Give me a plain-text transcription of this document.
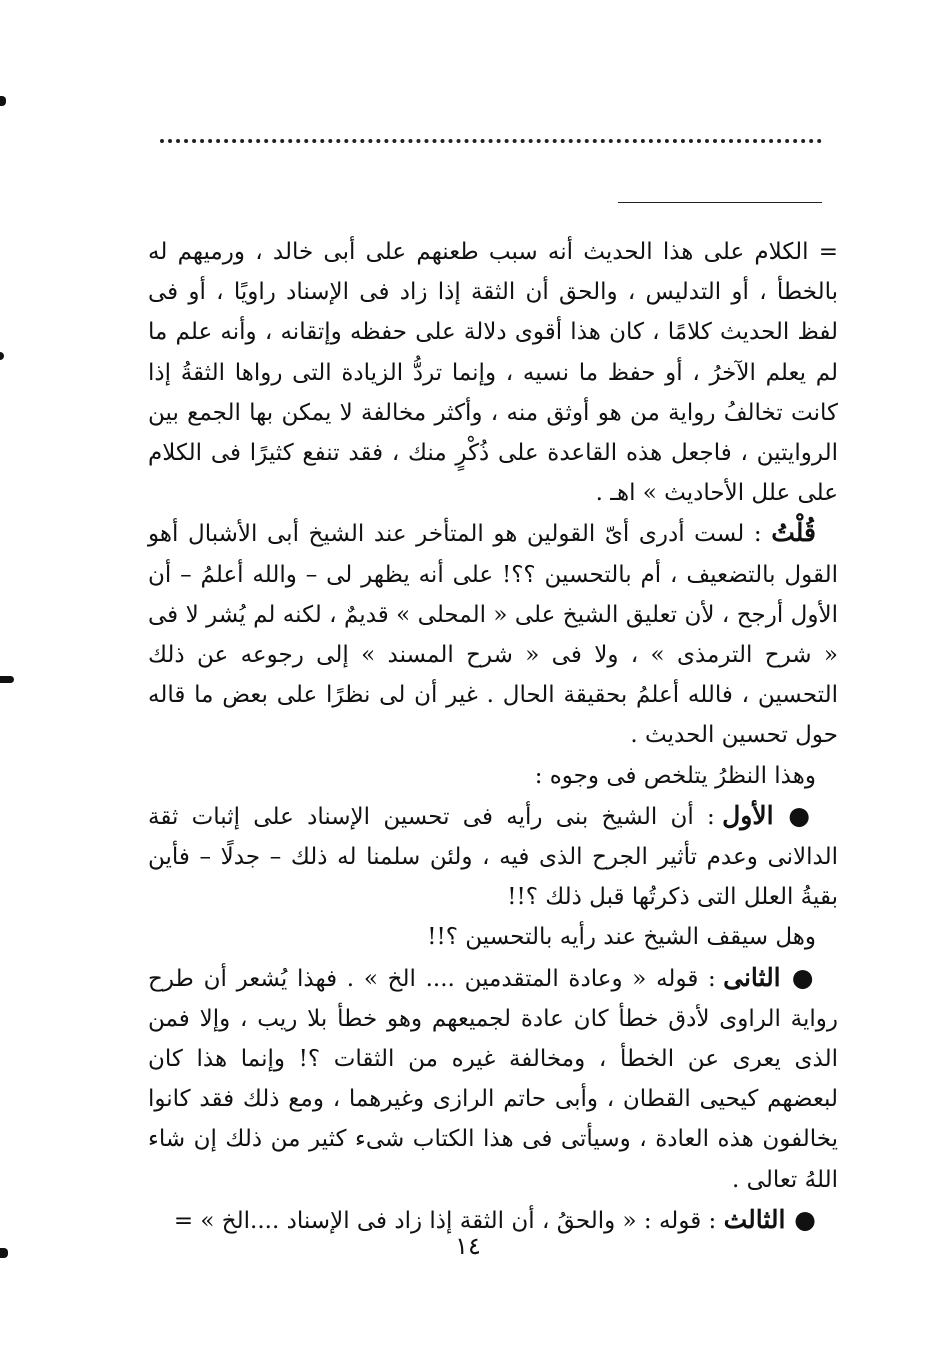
= الكلام على هذا الحديث أنه سبب طعنهم على أبى خالد ، ورميهم له بالخطأ ، أو التدليس ، والحق أن الثقة إذا زاد فى الإسناد راويًا ، أو فى لفظ الحديث كلامًا ، كان هذا أقوى دلالة على حفظه وإتقانه ، وأنه علم ما لم يعلم الآخرُ ، أو حفظ ما نسيه ، وإنما تردُّ الزيادة التى رواها الثقةُ إذا كانت تخالفُ رواية من هو أوثق منه ، وأكثر مخالفة لا يمكن بها الجمع بين الروايتين ، فاجعل هذه القاعدة على ذُكْرٍ منك ، فقد تنفع كثيرًا فى الكلام على علل الأحاديث » اهـ .

قُلْتُ : لست أدرى أىّ القولين هو المتأخر عند الشيخ أبى الأشبال أهو القول بالتضعيف ، أم بالتحسين ؟؟! على أنه يظهر لى – والله أعلمُ – أن الأول أرجح ، لأن تعليق الشيخ على « المحلى » قديمٌ ، لكنه لم يُشر لا فى « شرح الترمذى » ، ولا فى « شرح المسند » إلى رجوعه عن ذلك التحسين ، فالله أعلمُ بحقيقة الحال . غير أن لى نظرًا على بعض ما قاله حول تحسين الحديث .

وهذا النظرُ يتلخص فى وجوه :

● الأول : أن الشيخ بنى رأيه فى تحسين الإسناد على إثبات ثقة الدالانى وعدم تأثير الجرح الذى فيه ، ولئن سلمنا له ذلك – جدلًا – فأين بقيةُ العلل التى ذكرتُها قبل ذلك ؟!!

وهل سيقف الشيخ عند رأيه بالتحسين ؟!!

● الثانى : قوله « وعادة المتقدمين .... الخ » . فهذا يُشعر أن طرح رواية الراوى لأدق خطأ كان عادة لجميعهم وهو خطأ بلا ريب ، وإلا فمن الذى يعرى عن الخطأ ، ومخالفة غيره من الثقات ؟! وإنما هذا كان لبعضهم كيحيى القطان ، وأبى حاتم الرازى وغيرهما ، ومع ذلك فقد كانوا يخالفون هذه العادة ، وسيأتى فى هذا الكتاب شىء كثير من ذلك إن شاء اللهُ تعالى .

● الثالث : قوله : « والحقُ ، أن الثقة إذا زاد فى الإسناد ....الخ » =

١٤
